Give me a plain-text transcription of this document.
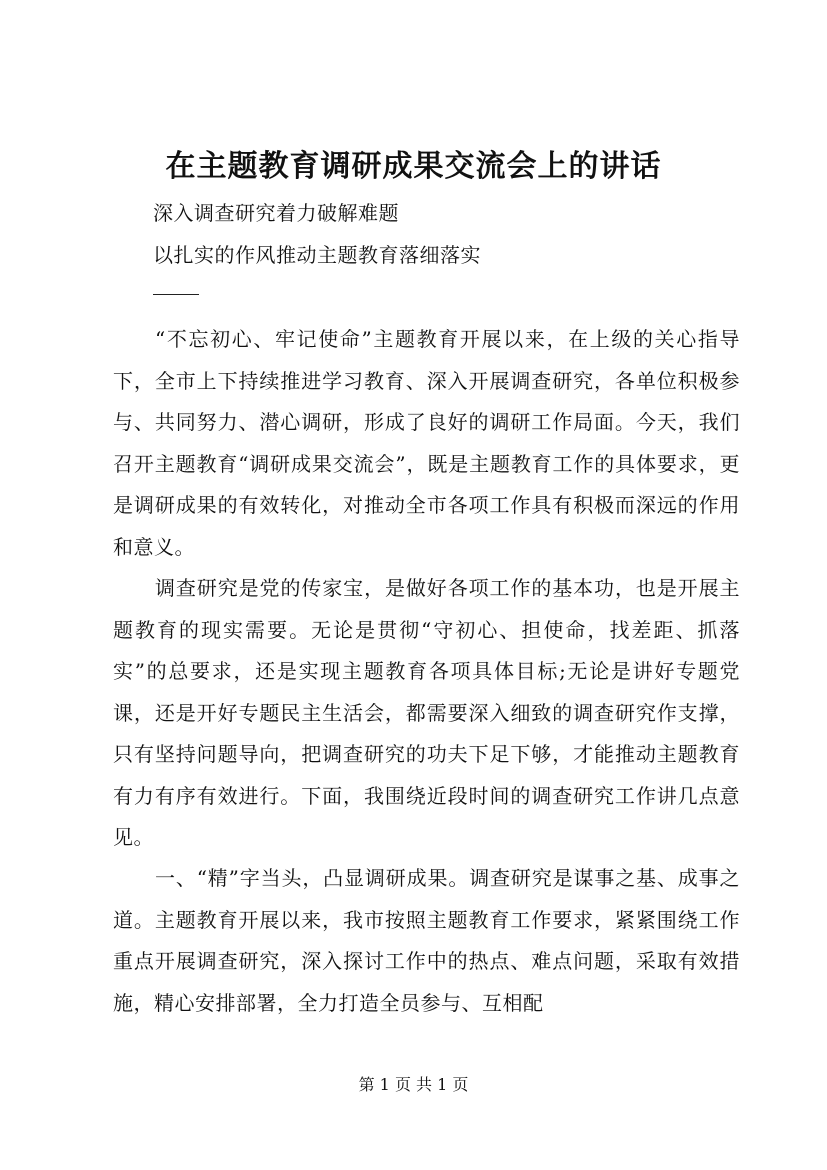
在主题教育调研成果交流会上的讲话
深入调查研究着力破解难题
以扎实的作风推动主题教育落细落实
“不忘初心、牢记使命”主题教育开展以来，在上级的关心指导下，全市上下持续推进学习教育、深入开展调查研究，各单位积极参与、共同努力、潜心调研，形成了良好的调研工作局面。今天，我们召开主题教育“调研成果交流会”，既是主题教育工作的具体要求，更是调研成果的有效转化，对推动全市各项工作具有积极而深远的作用和意义。
调查研究是党的传家宝，是做好各项工作的基本功，也是开展主题教育的现实需要。无论是贯彻“守初心、担使命，找差距、抓落实”的总要求，还是实现主题教育各项具体目标;无论是讲好专题党课，还是开好专题民主生活会，都需要深入细致的调查研究作支撑，只有坚持问题导向，把调查研究的功夫下足下够，才能推动主题教育有力有序有效进行。下面，我围绕近段时间的调查研究工作讲几点意见。
一、“精”字当头，凸显调研成果。调查研究是谋事之基、成事之道。主题教育开展以来，我市按照主题教育工作要求，紧紧围绕工作重点开展调查研究，深入探讨工作中的热点、难点问题，采取有效措施，精心安排部署，全力打造全员参与、互相配
第 1 页 共 1 页
